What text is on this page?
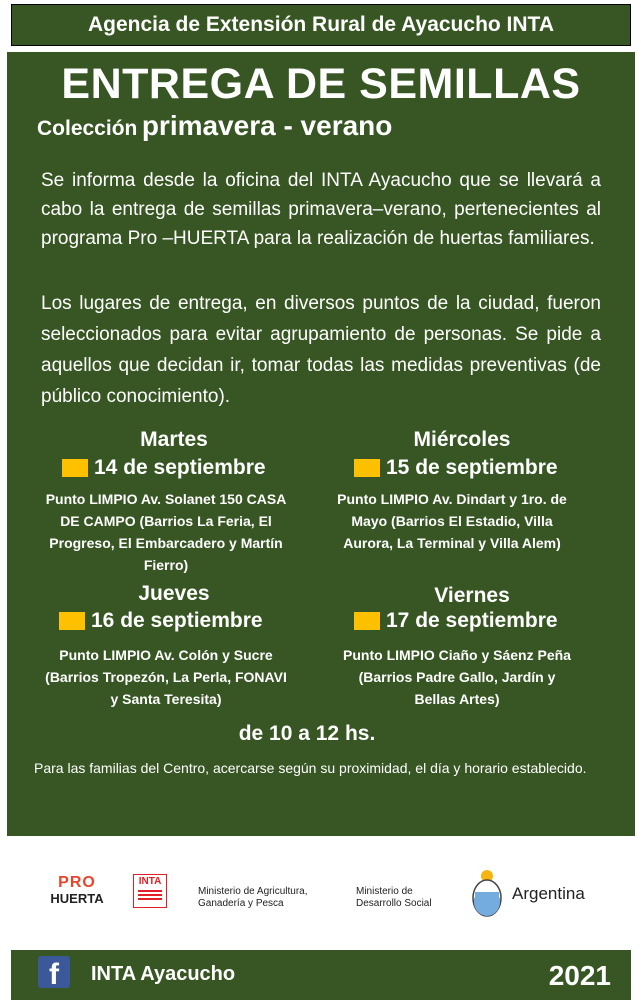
Agencia de Extensión Rural de Ayacucho INTA
ENTREGA DE SEMILLAS
Colección primavera - verano
Se informa desde la oficina del INTA Ayacucho que se llevará a cabo la entrega de semillas primavera–verano, pertenecientes al programa Pro –HUERTA para la realización de huertas familiares.
Los lugares de entrega, en diversos puntos de la ciudad, fueron seleccionados para evitar agrupamiento de personas. Se pide a aquellos que decidan ir, tomar todas las medidas preventivas (de público conocimiento).
Martes
14 de septiembre
Punto LIMPIO Av. Solanet 150 CASA DE CAMPO (Barrios La Feria, El Progreso, El Embarcadero y Martín Fierro)
Miércoles
15 de septiembre
Punto LIMPIO Av. Dindart y 1ro. de Mayo (Barrios El Estadio, Villa Aurora, La Terminal y Villa Alem)
Jueves
16 de septiembre
Punto LIMPIO Av. Colón y Sucre (Barrios Tropezón, La Perla, FONAVI y Santa Teresita)
Viernes
17 de septiembre
Punto LIMPIO Ciaño y Sáenz Peña (Barrios Padre Gallo, Jardín y Bellas Artes)
de 10 a 12 hs.
Para las familias del Centro, acercarse según su proximidad, el día y horario establecido.
PRO
HUERTA
INTA
Ministerio de Agricultura,
Ganadería y Pesca
Ministerio de
Desarrollo Social
Argentina
f	INTA Ayacucho	2021
